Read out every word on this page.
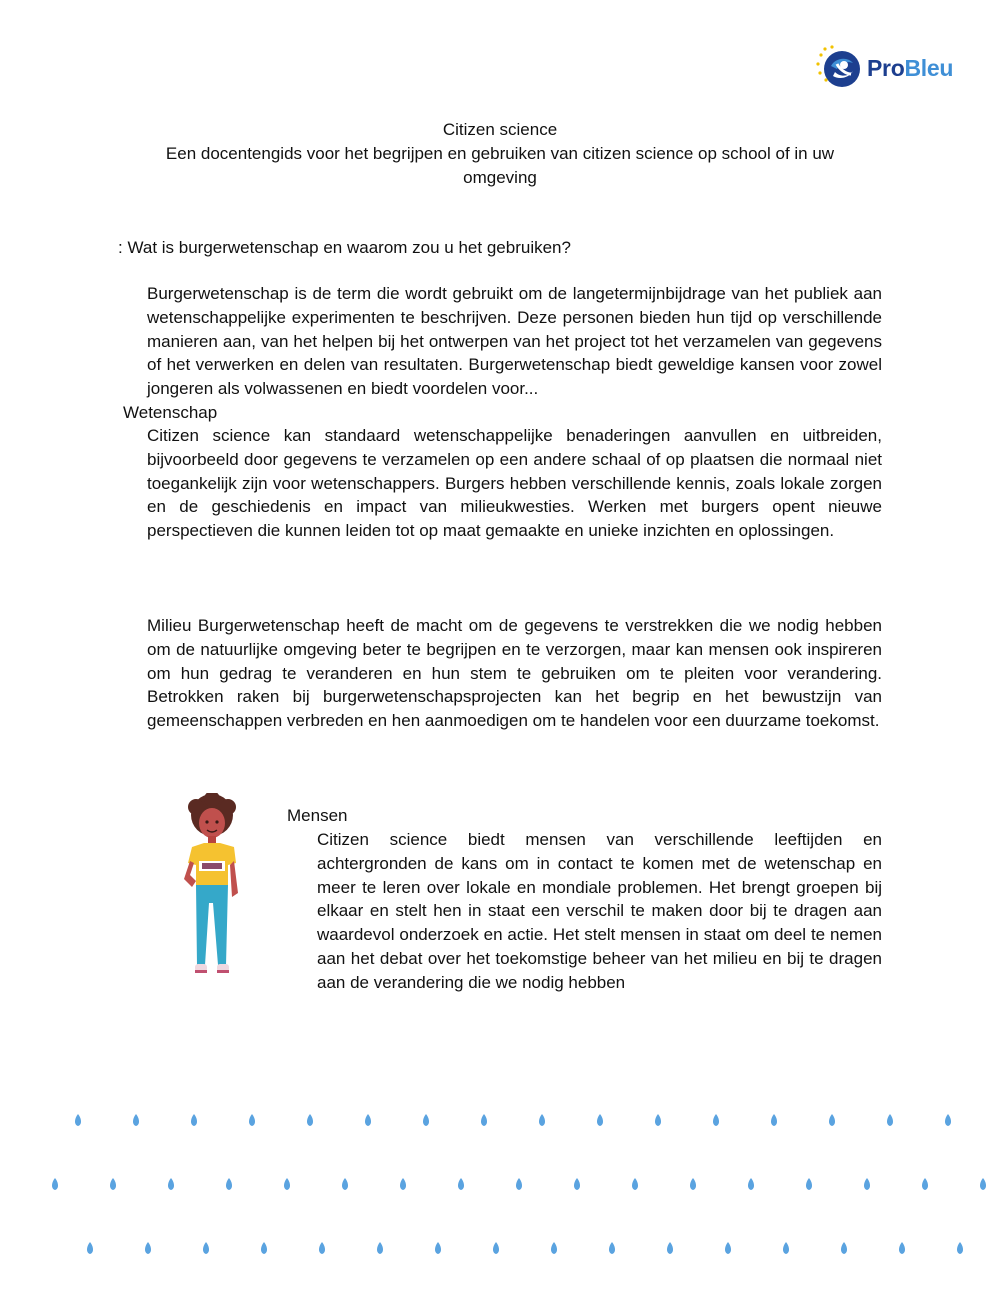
ProBleu
Citizen science
Een docentengids voor het begrijpen en gebruiken van citizen science op school of in uw omgeving
: Wat is burgerwetenschap en waarom zou u het gebruiken?

Burgerwetenschap is de term die wordt gebruikt om de langetermijnbijdrage van het publiek aan wetenschappelijke experimenten te beschrijven. Deze personen bieden hun tijd op verschillende manieren aan, van het helpen bij het ontwerpen van het project tot het verzamelen van gegevens of het verwerken en delen van resultaten. Burgerwetenschap biedt geweldige kansen voor zowel jongeren als volwassenen en biedt voordelen voor...

Wetenschap

Citizen science kan standaard wetenschappelijke benaderingen aanvullen en uitbreiden, bijvoorbeeld door gegevens te verzamelen op een andere schaal of op plaatsen die normaal niet toegankelijk zijn voor wetenschappers. Burgers hebben verschillende kennis, zoals lokale zorgen en de geschiedenis en impact van milieukwesties. Werken met burgers opent nieuwe perspectieven die kunnen leiden tot op maat gemaakte en unieke inzichten en oplossingen.

Milieu Burgerwetenschap heeft de macht om de gegevens te verstrekken die we nodig hebben om de natuurlijke omgeving beter te begrijpen en te verzorgen, maar kan mensen ook inspireren om hun gedrag te veranderen en hun stem te gebruiken om te pleiten voor verandering. Betrokken raken bij burgerwetenschapsprojecten kan het begrip en het bewustzijn van gemeenschappen verbreden en hen aanmoedigen om te handelen voor een duurzame toekomst.

Mensen

Citizen science biedt mensen van verschillende leeftijden en achtergronden de kans om in contact te komen met de wetenschap en meer te leren over lokale en mondiale problemen. Het brengt groepen bij elkaar en stelt hen in staat een verschil te maken door bij te dragen aan waardevol onderzoek en actie. Het stelt mensen in staat om deel te nemen aan het debat over het toekomstige beheer van het milieu en bij te dragen aan de verandering die we nodig hebben
